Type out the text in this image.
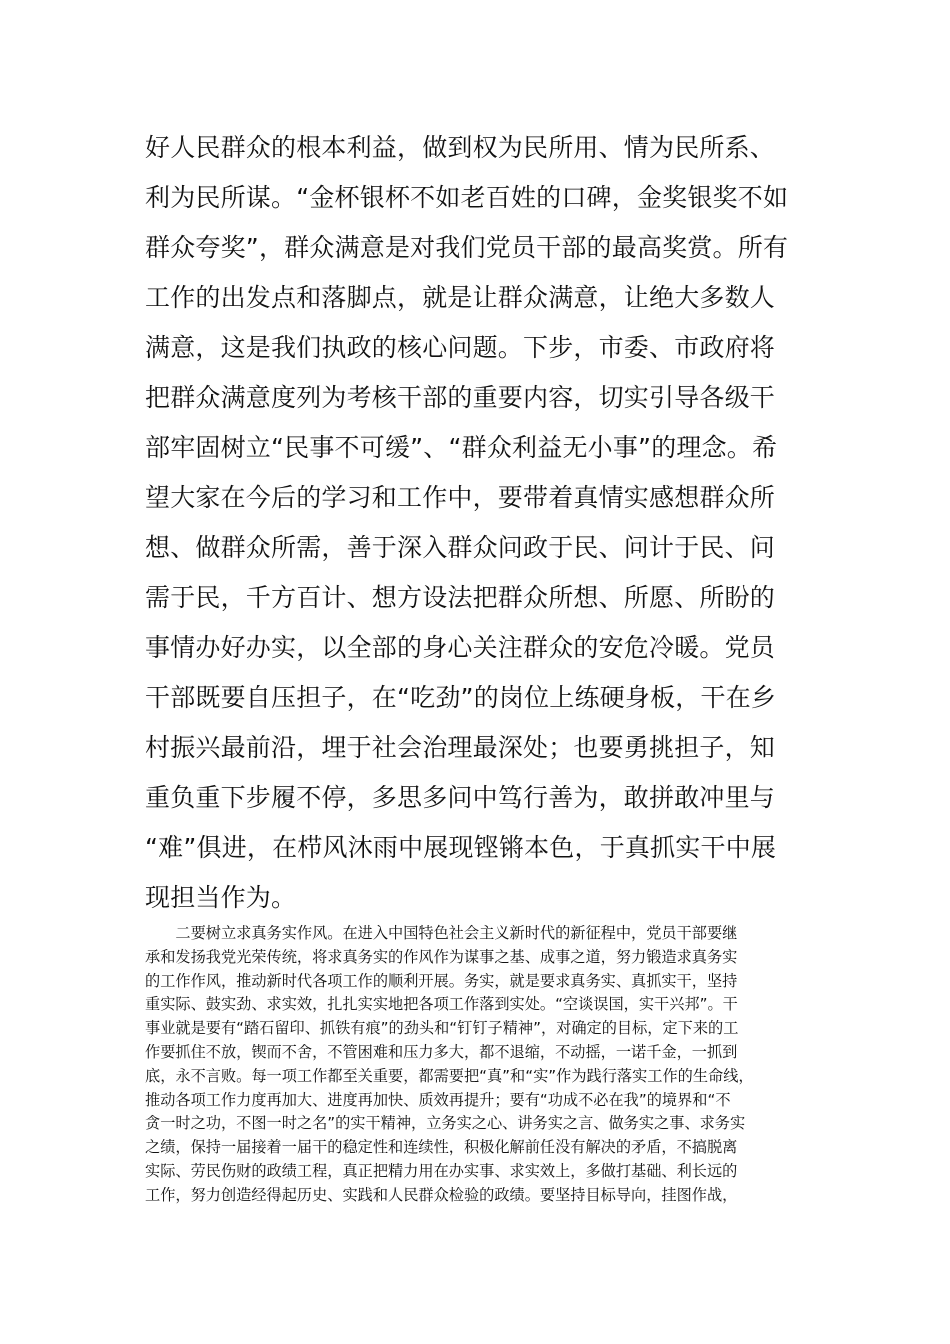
好人民群众的根本利益，做到权为民所用、情为民所系、
利为民所谋。“金杯银杯不如老百姓的口碑，金奖银奖不如
群众夸奖”，群众满意是对我们党员干部的最高奖赏。所有
工作的出发点和落脚点，就是让群众满意，让绝大多数人
满意，这是我们执政的核心问题。下步，市委、市政府将
把群众满意度列为考核干部的重要内容，切实引导各级干
部牢固树立“民事不可缓”、“群众利益无小事”的理念。希
望大家在今后的学习和工作中，要带着真情实感想群众所
想、做群众所需，善于深入群众问政于民、问计于民、问
需于民，千方百计、想方设法把群众所想、所愿、所盼的
事情办好办实，以全部的身心关注群众的安危冷暖。党员
干部既要自压担子，在“吃劲”的岗位上练硬身板，干在乡
村振兴最前沿，埋于社会治理最深处；也要勇挑担子，知
重负重下步履不停，多思多问中笃行善为，敢拼敢冲里与
“难”俱进，在栉风沐雨中展现铿锵本色，于真抓实干中展
现担当作为。
　　二要树立求真务实作风。在进入中国特色社会主义新时代的新征程中，党员干部要继
承和发扬我党光荣传统，将求真务实的作风作为谋事之基、成事之道，努力锻造求真务实
的工作作风，推动新时代各项工作的顺利开展。务实，就是要求真务实、真抓实干，坚持
重实际、鼓实劲、求实效，扎扎实实地把各项工作落到实处。“空谈误国，实干兴邦”。干
事业就是要有“踏石留印、抓铁有痕”的劲头和“钉钉子精神”，对确定的目标，定下来的工
作要抓住不放，锲而不舍，不管困难和压力多大，都不退缩，不动摇，一诺千金，一抓到
底，永不言败。每一项工作都至关重要，都需要把“真”和“实”作为践行落实工作的生命线，
推动各项工作力度再加大、进度再加快、质效再提升；要有“功成不必在我”的境界和“不
贪一时之功，不图一时之名”的实干精神，立务实之心、讲务实之言、做务实之事、求务实
之绩，保持一届接着一届干的稳定性和连续性，积极化解前任没有解决的矛盾，不搞脱离
实际、劳民伤财的政绩工程，真正把精力用在办实事、求实效上，多做打基础、利长远的
工作，努力创造经得起历史、实践和人民群众检验的政绩。要坚持目标导向，挂图作战，
